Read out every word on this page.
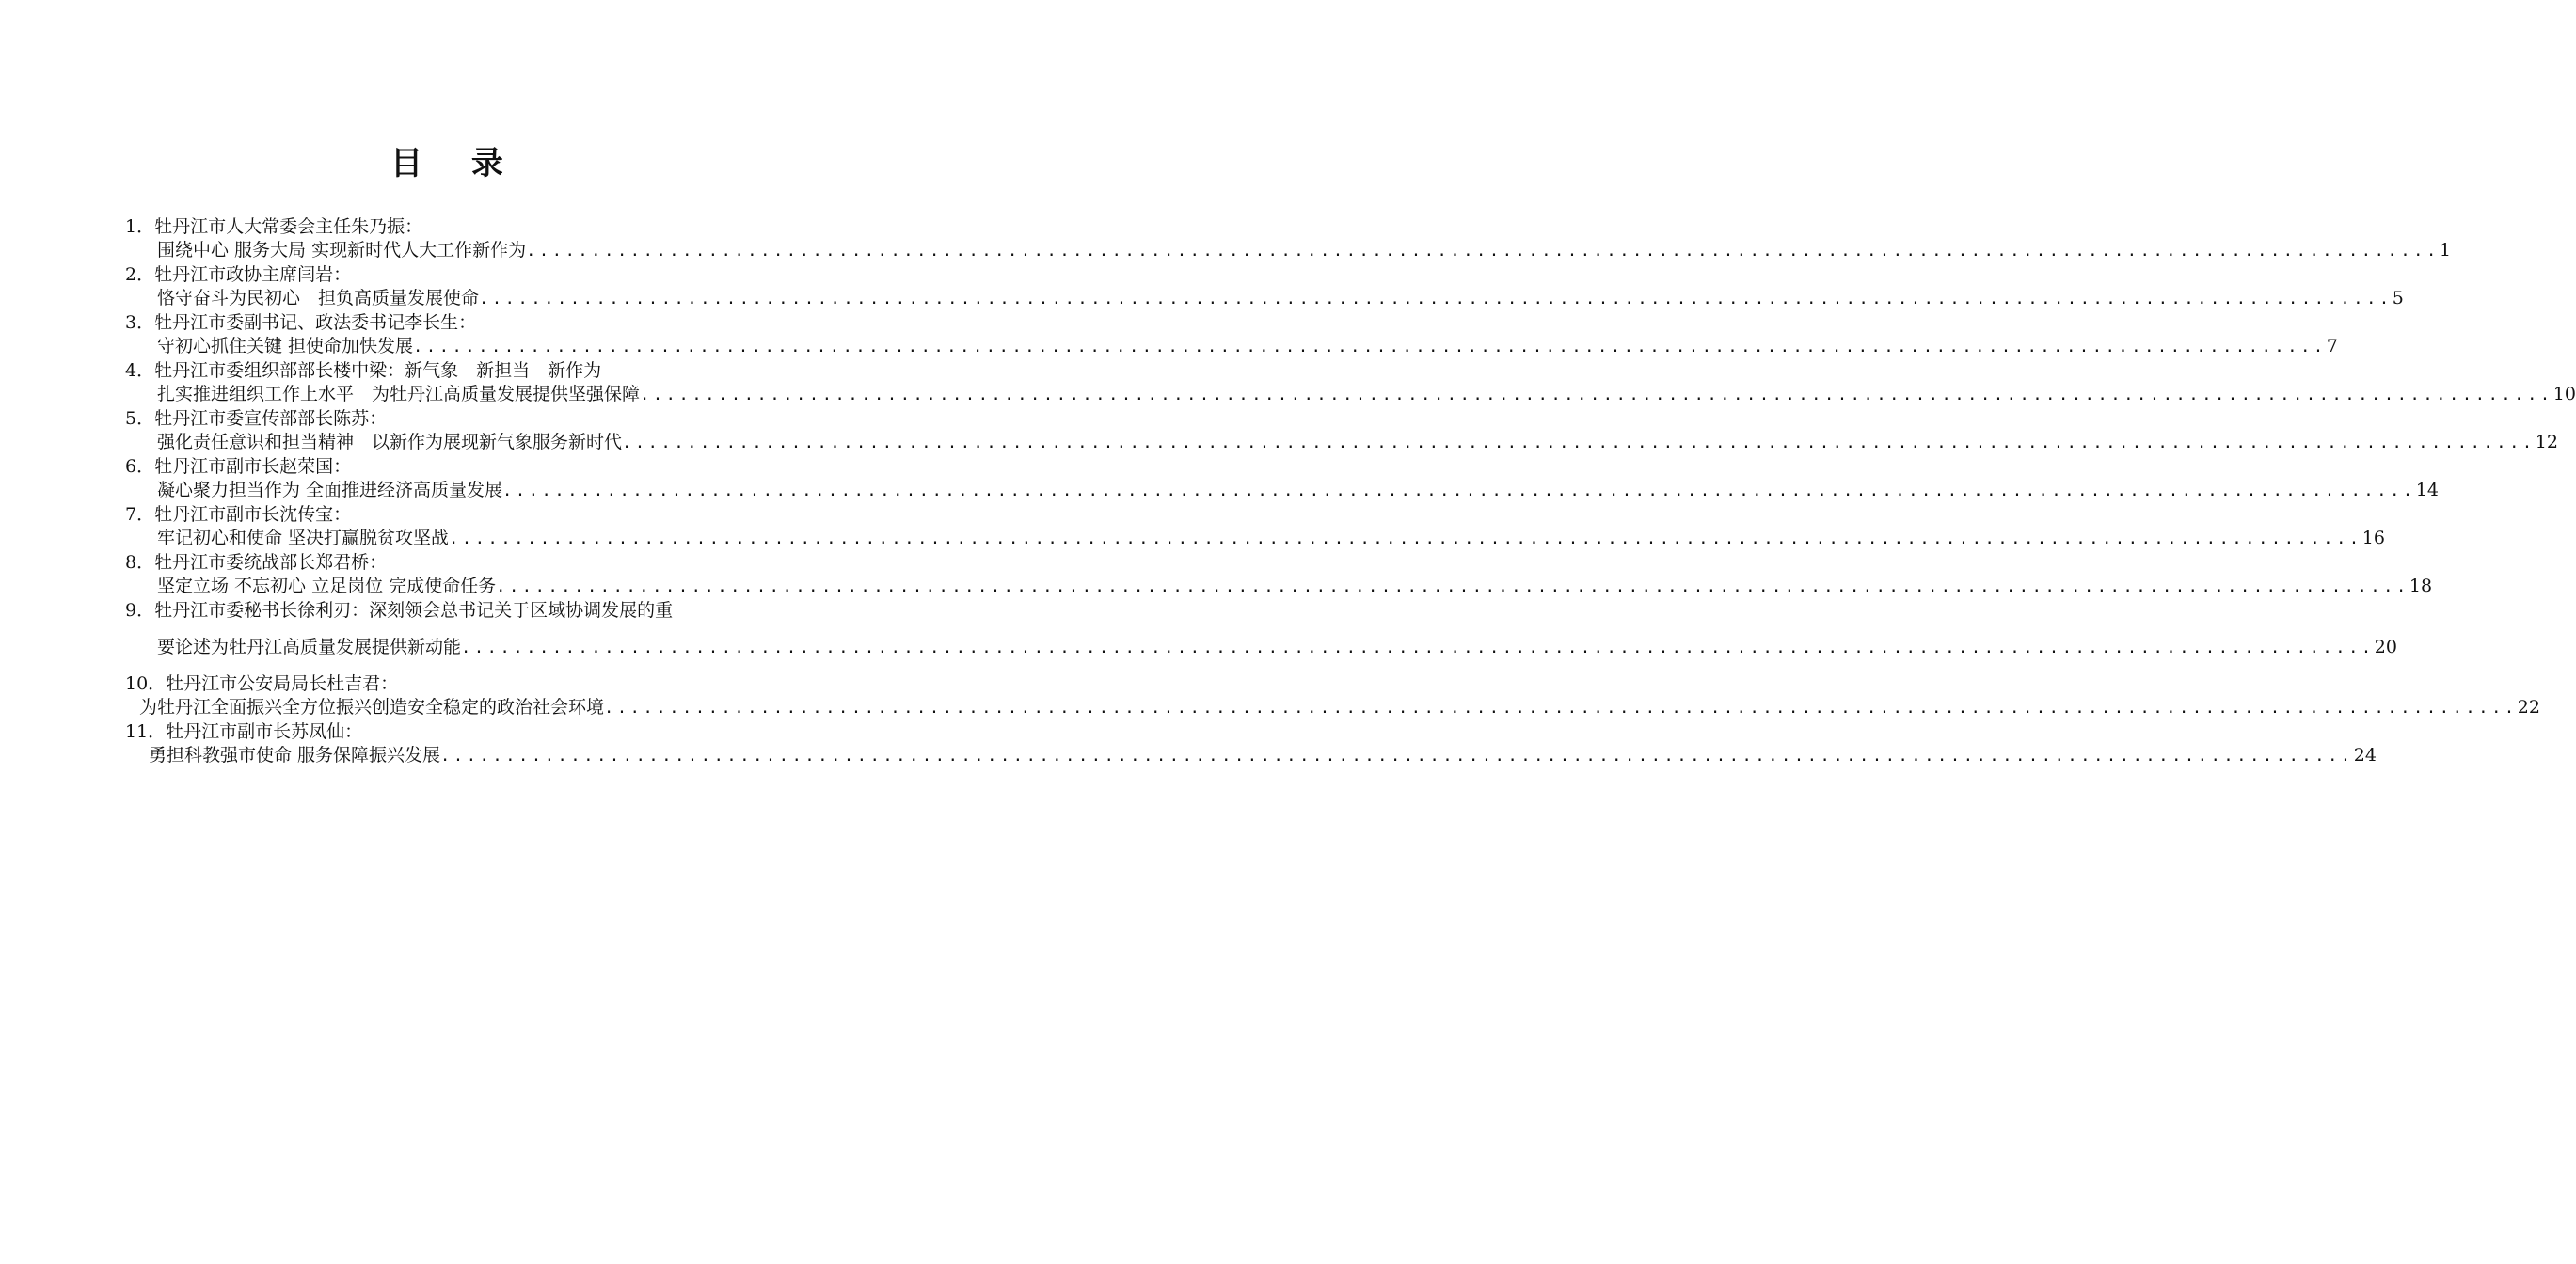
目 录
1．牡丹江市人大常委会主任朱乃振：
围绕中心 服务大局 实现新时代人大工作新作为 ................................................................................................................................................... 1
2．牡丹江市政协主席闫岩：
恪守奋斗为民初心　担负高质量发展使命 ................................................................................................................................................... 5
3．牡丹江市委副书记、政法委书记李长生：
守初心抓住关键 担使命加快发展 ................................................................................................................................................... 7
4．牡丹江市委组织部部长楼中梁：新气象　新担当　新作为
扎实推进组织工作上水平　为牡丹江高质量发展提供坚强保障 ................................................................................................................................................... 10
5．牡丹江市委宣传部部长陈苏：
强化责任意识和担当精神　以新作为展现新气象服务新时代 ................................................................................................................................................... 12
6．牡丹江市副市长赵荣国：
凝心聚力担当作为 全面推进经济高质量发展 ................................................................................................................................................... 14
7．牡丹江市副市长沈传宝：
牢记初心和使命 坚决打赢脱贫攻坚战 ................................................................................................................................................... 16
8．牡丹江市委统战部长郑君桥：
坚定立场 不忘初心 立足岗位 完成使命任务 ................................................................................................................................................... 18
9．牡丹江市委秘书长徐利刃：深刻领会总书记关于区域协调发展的重
要论述为牡丹江高质量发展提供新动能 ................................................................................................................................................... 20
10．牡丹江市公安局局长杜吉君：
为牡丹江全面振兴全方位振兴创造安全稳定的政治社会环境 ................................................................................................................................................... 22
11．牡丹江市副市长苏凤仙：
勇担科教强市使命 服务保障振兴发展 ................................................................................................................................................... 24
